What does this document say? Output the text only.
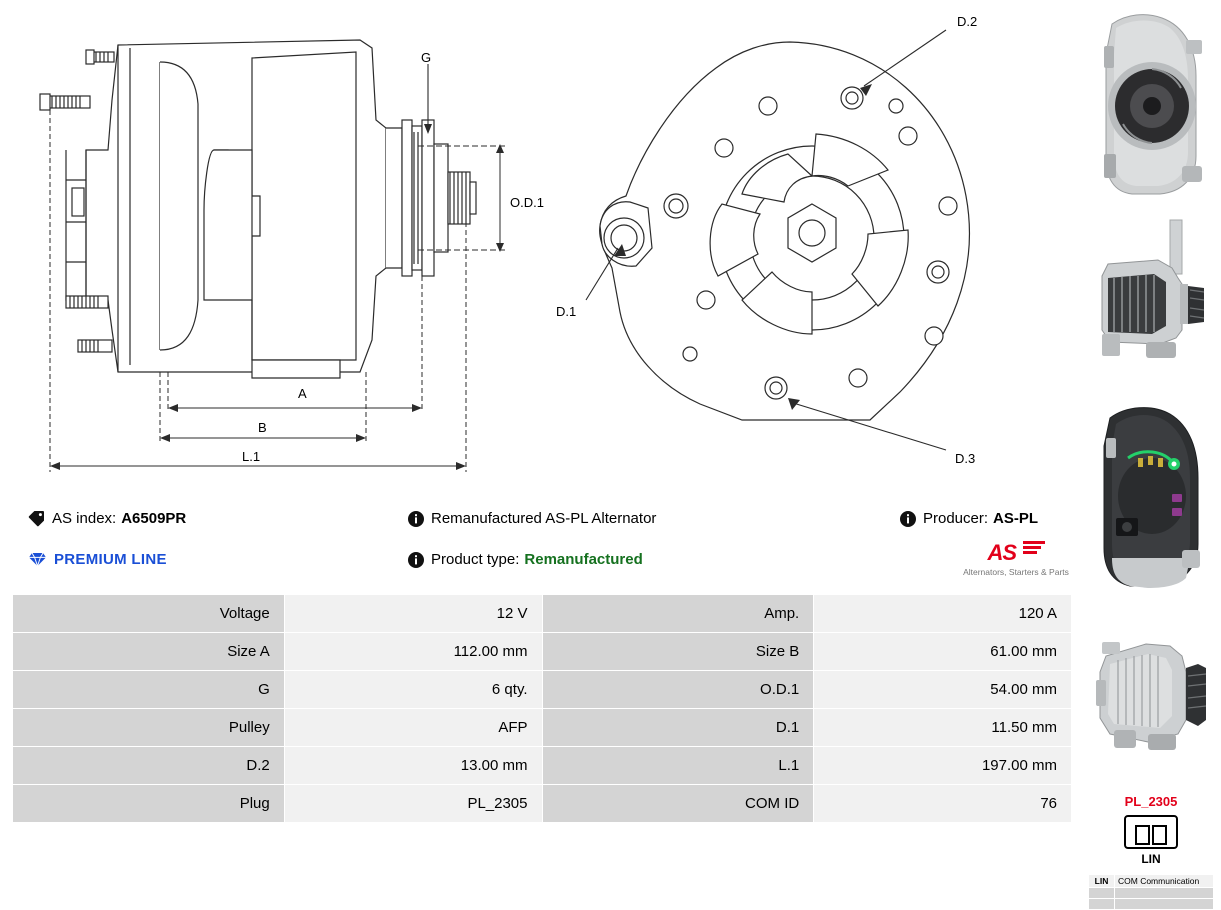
G
O.D.1
A
B
L.1
D.1
D.2
D.3
AS index: A6509PR	Remanufactured AS-PL Alternator	Producer: AS-PL
PREMIUM LINE	Product type: Remanufactured	AS
Alternators, Starters & Parts
Voltage	12 V	Amp.	120 A
Size A	112.00 mm	Size B	61.00 mm
G	6 qty.	O.D.1	54.00 mm
Pulley	AFP	D.1	11.50 mm
D.2	13.00 mm	L.1	197.00 mm
Plug	PL_2305	COM ID	76	PL_2305
LIN
LIN	COM Communication
